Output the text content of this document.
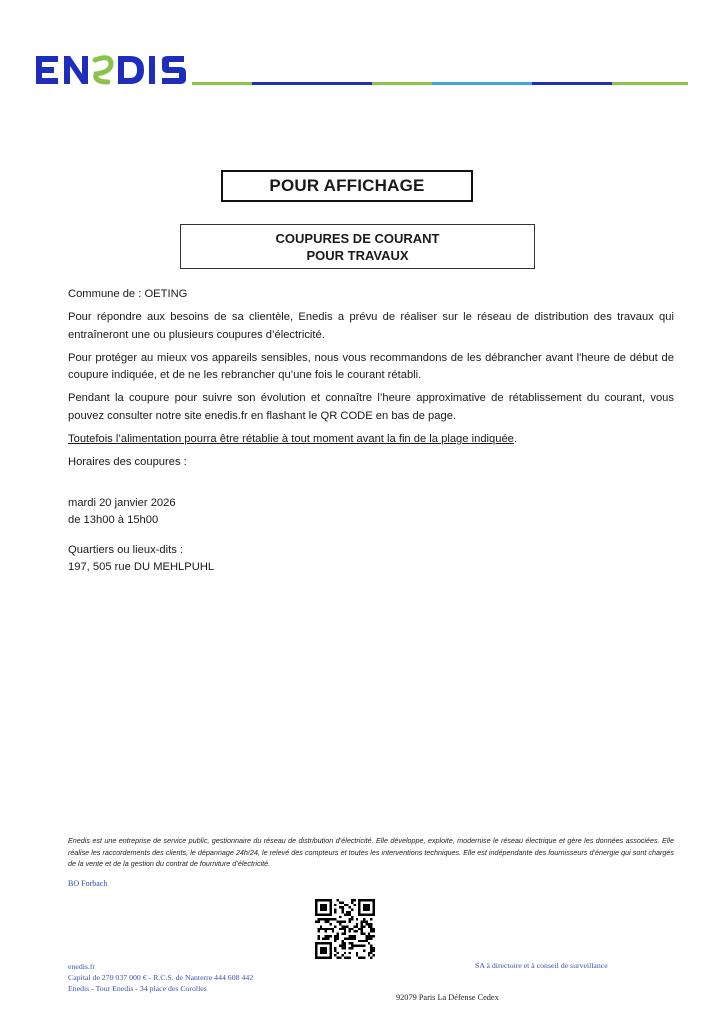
POUR AFFICHAGE
COUPURES DE COURANT
POUR TRAVAUX

Commune de : OETING

Pour répondre aux besoins de sa clientèle, Enedis a prévu de réaliser sur le réseau de distribution des travaux qui entraîneront une ou plusieurs coupures d’électricité.

Pour protéger au mieux vos appareils sensibles, nous vous recommandons de les débrancher avant l'heure de début de coupure indiquée, et de ne les rebrancher qu’une fois le courant rétabli.

Pendant la coupure pour suivre son évolution et connaître l’heure approximative de rétablissement du courant, vous pouvez consulter notre site enedis.fr en flashant le QR CODE en bas de page.

Toutefois l’alimentation pourra être rétablie à tout moment avant la fin de la plage indiquée.

Horaires des coupures :

mardi 20 janvier 2026
de 13h00 à 15h00
Quartiers ou lieux-dits :
197, 505 rue DU MEHLPUHL
Enedis est une entreprise de service public, gestionnaire du réseau de distribution d’électricité. Elle développe, exploite, modernise le réseau électrique et gère les données associées. Elle réalise les raccordements des clients, le dépannage 24h/24, le relevé des compteurs et toutes les interventions techniques. Elle est indépendante des fournisseurs d’énergie qui sont chargés de la vente et de la gestion du contrat de fourniture d’électricité.
BO Forbach
enedis.fr
Capital de 270 037 000 € - R.C.S. de Nanterre 444 608 442
Enedis - Tour Enedis - 34 place des Corolles
SA à directoire et à conseil de surveillance
92079 Paris La Défense Cedex
